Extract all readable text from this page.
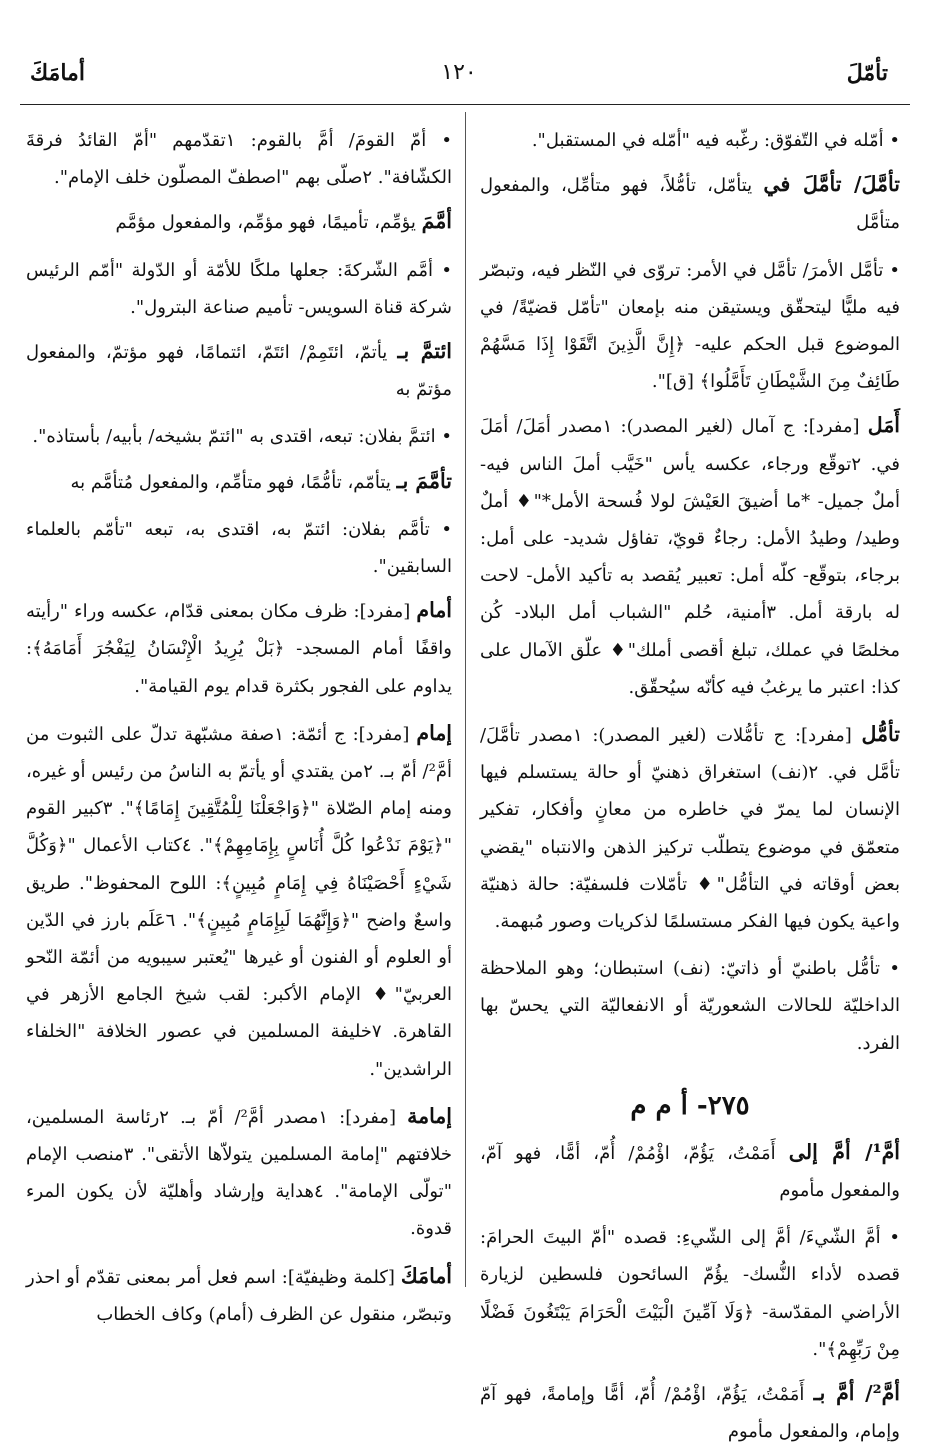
تأمّلَ
١٢٠
أمامَكَ

• أمّله في التّفوّق: رغّبه فيه "أمّله في المستقبل".

تأمَّلَ/ تأمَّلَ في يتأمّل، تأمُّلاً، فهو متأمِّل، والمفعول متأمَّل

• تأمَّل الأمرَ/ تأمَّل في الأمر: تروّى في النّظر فيه، وتبصّر فيه مليًّا ليتحقّق ويستيقن منه بإمعان "تأمّل قضيّةً/ في الموضوع قبل الحكم عليه- ﴿إِنَّ الَّذِينَ اتَّقَوْا إِذَا مَسَّهُمْ طَائِفٌ مِنَ الشَّيْطَانِ تَأَمَّلُوا﴾ [ق]".

أَمَل [مفرد]: ج آمال (لغير المصدر): ١مصدر أمَلَ/ أمَلَ في. ٢توقّع ورجاء، عكسه يأس "خَيَّب أملَ الناس فيه- أملٌ جميل- *ما أضيقَ العَيْشَ لولا فُسحة الأمل*"♦ أملٌ وطيد/ وطيدُ الأمل: رجاءٌ قويّ، تفاؤل شديد- على أمل: برجاء، بتوقّع- كلّه أمل: تعبير يُقصد به تأكيد الأمل- لاحت له بارقة أمل. ٣أمنية، حُلم "الشباب أمل البلاد- كُن مخلصًا في عملك، تبلغ أقصى أملك"♦ علّق الآمال على كذا: اعتبر ما يرغبُ فيه كأنّه سيُحقّق.

تأمُّل [مفرد]: ج تأمُّلات (لغير المصدر): ١مصدر تأمَّلَ/ تأمَّل في. ٢(نف) استغراق ذهنيّ أو حالة يستسلم فيها الإنسان لما يمرّ في خاطره من معانٍ وأفكار، تفكير متعمّق في موضوع يتطلّب تركيز الذهن والانتباه "يقضي بعض أوقاته في التأمُّل"♦ تأمّلات فلسفيّة: حالة ذهنيّة واعية يكون فيها الفكر مستسلمًا لذكريات وصور مُبهمة.

• تأمُّل باطنيّ أو ذاتيّ: (نف) استبطان؛ وهو الملاحظة الداخليّة للحالات الشعوريّة أو الانفعاليّة التي يحسّ بها الفرد.

٢٧٥- أ م م

أمَّ¹/ أمَّ إلى أَمَمْتُ، يَؤُمّ، اؤْمُمْ/ أُمّ، أمًّا، فهو آمّ، والمفعول مأموم

• أمَّ الشّيءَ/ أمَّ إلى الشّيءِ: قصده "أمّ البيتَ الحرامَ: قصده لأداء النُّسك- يؤُمّ السائحون فلسطين لزيارة الأراضي المقدّسة- ﴿وَلَا آمِّينَ الْبَيْتَ الْحَرَامَ يَبْتَغُونَ فَضْلًا مِنْ رَبِّهِمْ﴾".

أمَّ²/ أمَّ بـ أَمَمْتُ، يَؤُمّ، اؤْمُمْ/ أُمّ، أمًّا وإمامةً، فهو آمّ وإمام، والمفعول مأموم

• أمّ القومَ/ أمَّ بالقوم: ١تقدّمهم "أمّ القائدُ فرقةَ الكشّافة". ٢صلّى بهم "اصطفّ المصلّون خلف الإمام".

أمَّمَ يؤمِّم، تأميمًا، فهو مؤمِّم، والمفعول مؤمَّم

• أمَّم الشّركةَ: جعلها ملكًا للأمّة أو الدّولة "أمّم الرئيس شركة قناة السويس- تأميم صناعة البترول".

ائتمَّ بـ يأتمّ، ائتَمِمْ/ ائتَمّ، ائتمامًا، فهو مؤتمّ، والمفعول مؤتمّ به

• ائتمَّ بفلان: تبعه، اقتدى به "ائتمّ بشيخه/ بأبيه/ بأستاذه".

تأمَّمَ بـ يتأمّم، تأمُّمًا، فهو متأمِّم، والمفعول مُتأمَّم به

• تأمَّم بفلان: ائتمّ به، اقتدى به، تبعه "تأمّم بالعلماء السابقين".

أمام [مفرد]: ظرف مكان بمعنى قدّام، عكسه وراء "رأيته واقفًا أمام المسجد- ﴿بَلْ يُرِيدُ الْإِنْسَانُ لِيَفْجُرَ أَمَامَهُ﴾: يداوم على الفجور بكثرة قدام يوم القيامة".

إمام [مفرد]: ج أئمّة: ١صفة مشبّهة تدلّ على الثبوت من أمَّ²/ أمّ بـ. ٢من يقتدي أو يأتمّ به الناسُ من رئيس أو غيره، ومنه إمام الصّلاة "﴿وَاجْعَلْنَا لِلْمُتَّقِينَ إِمَامًا﴾". ٣كبير القوم "﴿يَوْمَ نَدْعُوا كُلَّ أُنَاسٍ بِإِمَامِهِمْ﴾". ٤كتاب الأعمال "﴿وَكُلَّ شَيْءٍ أَحْصَيْنَاهُ فِي إِمَامٍ مُبِينٍ﴾: اللوح المحفوظ". طريق واسعٌ واضح "﴿وَإِنَّهُمَا لَبِإِمَامٍ مُبِينٍ﴾". ٦عَلَم بارز في الدّين أو العلوم أو الفنون أو غيرها "يُعتبر سيبويه من أئمّة النّحو العربيّ"♦ الإمام الأكبر: لقب شيخ الجامع الأزهر في القاهرة. ٧خليفة المسلمين في عصور الخلافة "الخلفاء الراشدين".

إمامة [مفرد]: ١مصدر أمَّ²/ أمّ بـ. ٢رئاسة المسلمين، خلافتهم "إمامة المسلمين يتولاّها الأتقى". ٣منصب الإمام "تولّى الإمامة". ٤هداية وإرشاد وأهليّة لأن يكون المرء قدوة.

أمامَكَ [كلمة وظيفيّة]: اسم فعل أمر بمعنى تقدّم أو احذر وتبصّر، منقول عن الظرف (أمام) وكاف الخطاب
